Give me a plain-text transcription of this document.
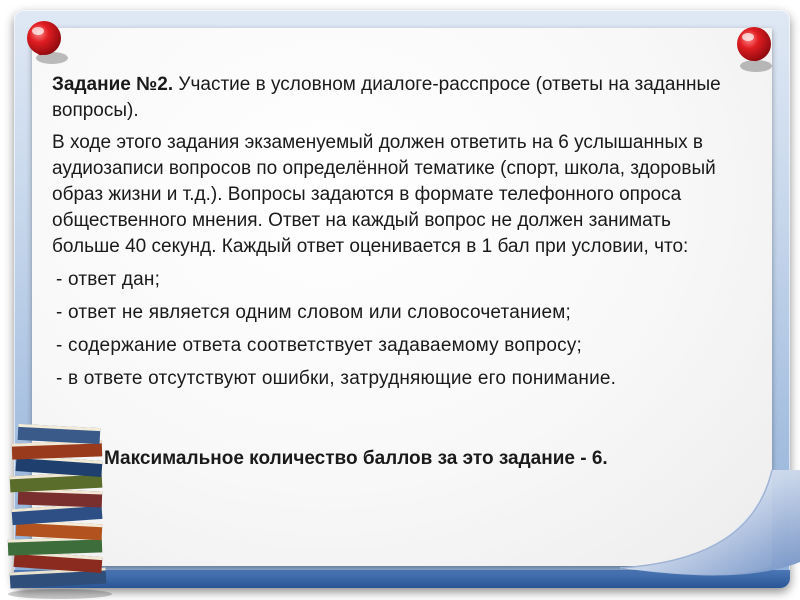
Задание №2. Участие в условном диалоге-расспросе (ответы на заданные вопросы).

В ходе этого задания экзаменуемый должен ответить на 6 услышанных в аудиозаписи вопросов по определённой тематике (спорт, школа, здоровый образ жизни и т.д.). Вопросы задаются в формате телефонного опроса общественного мнения. Ответ на каждый вопрос не должен занимать больше 40 секунд. Каждый ответ оценивается в 1 бал при условии, что:

- ответ дан;
- ответ не является одним словом или словосочетанием;
- содержание ответа соответствует задаваемому вопросу;
- в ответе отсутствуют ошибки, затрудняющие его понимание.
Максимальное количество баллов за это задание - 6.
